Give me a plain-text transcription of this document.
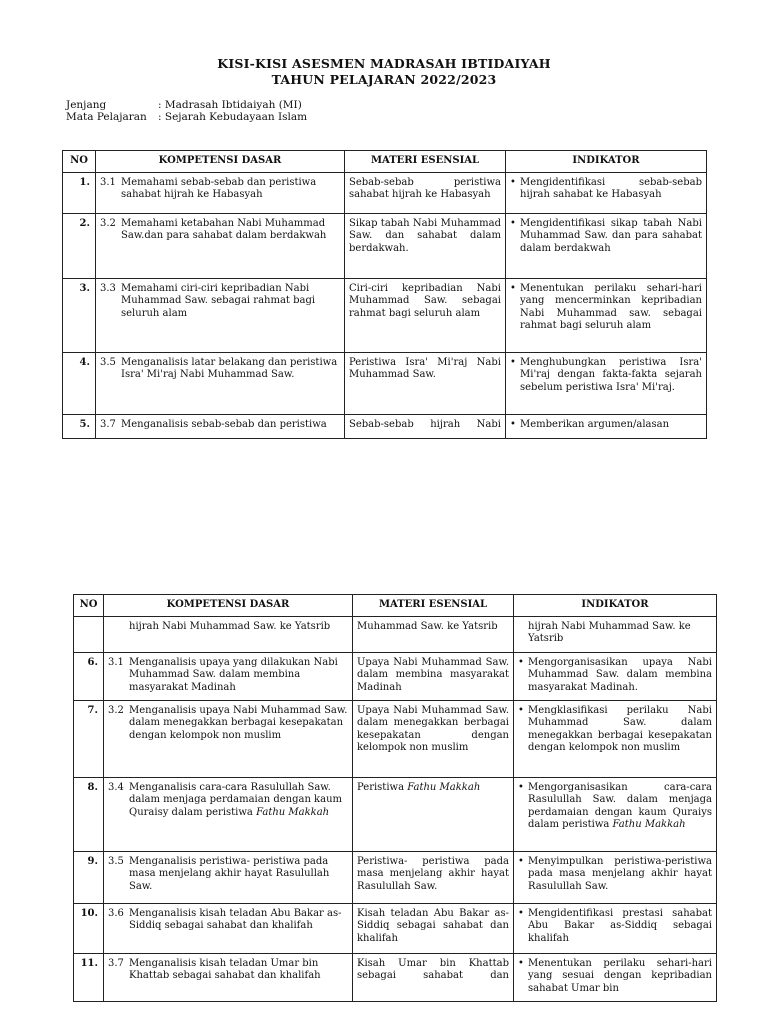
KISI-KISI ASESMEN MADRASAH IBTIDAIYAH
TAHUN PELAJARAN 2022/2023
Jenjang	: Madrasah Ibtidaiyah (MI)
Mata Pelajaran : Sejarah Kebudayaan Islam
NO	KOMPETENSI DASAR	MATERI ESENSIAL	INDIKATOR
1.	3.1 Memahami sebab-sebab dan peristiwa sahabat hijrah ke Habasyah	Sebab-sebab peristiwa sahabat hijrah ke Habasyah	• Mengidentifikasi sebab-sebab hijrah sahabat ke Habasyah

2.	3.2 Memahami ketabahan Nabi Muhammad Saw.dan para sahabat dalam berdakwah	Sikap tabah Nabi Muhammad Saw. dan sahabat dalam berdakwah.	• Mengidentifikasi sikap tabah Nabi Muhammad Saw. dan para sahabat dalam berdakwah

3.	3.3 Memahami ciri-ciri kepribadian Nabi Muhammad Saw. sebagai rahmat bagi seluruh alam	Ciri-ciri kepribadian Nabi Muhammad Saw. sebagai rahmat bagi seluruh alam	• Menentukan perilaku sehari-hari yang mencerminkan kepribadian Nabi Muhammad saw. sebagai rahmat bagi seluruh alam

4.	3.5 Menganalisis latar belakang dan peristiwa Isra' Mi'raj Nabi Muhammad Saw.	Peristiwa Isra' Mi'raj Nabi Muhammad Saw.	• Menghubungkan peristiwa Isra' Mi'raj dengan fakta-fakta sejarah sebelum peristiwa Isra' Mi'raj.

5.	3.7 Menganalisis sebab-sebab dan peristiwa	Sebab-sebab hijrah Nabi	• Memberikan argumen/alasan
NO	KOMPETENSI DASAR	MATERI ESENSIAL	INDIKATOR
	hijrah Nabi Muhammad Saw. ke Yatsrib	Muhammad Saw. ke Yatsrib	hijrah Nabi Muhammad Saw. ke Yatsrib
6.	3.1 Menganalisis upaya yang dilakukan Nabi Muhammad Saw. dalam membina masyarakat Madinah	Upaya Nabi Muhammad Saw. dalam membina masyarakat Madinah	• Mengorganisasikan upaya Nabi Muhammad Saw. dalam membina masyarakat Madinah.

7.	3.2 Menganalisis upaya Nabi Muhammad Saw. dalam menegakkan berbagai kesepakatan dengan kelompok non muslim	Upaya Nabi Muhammad Saw. dalam menegakkan berbagai kesepakatan dengan kelompok non muslim	• Mengklasifikasi perilaku Nabi Muhammad Saw. dalam menegakkan berbagai kesepakatan dengan kelompok non muslim

8.	3.4 Menganalisis cara-cara Rasulullah Saw. dalam menjaga perdamaian dengan kaum Quraisy dalam peristiwa Fathu Makkah	Peristiwa Fathu Makkah	• Mengorganisasikan cara-cara Rasulullah Saw. dalam menjaga perdamaian dengan kaum Quraiys dalam peristiwa Fathu Makkah

9.	3.5 Menganalisis peristiwa- peristiwa pada masa menjelang akhir hayat Rasulullah Saw.	Peristiwa- peristiwa pada masa menjelang akhir hayat Rasulullah Saw.	• Menyimpulkan peristiwa-peristiwa pada masa menjelang akhir hayat Rasulullah Saw.

10.	3.6 Menganalisis kisah teladan Abu Bakar as-Siddiq sebagai sahabat dan khalifah	Kisah teladan Abu Bakar as-Siddiq sebagai sahabat dan khalifah	• Mengidentifikasi prestasi sahabat Abu Bakar as-Siddiq sebagai khalifah

11.	3.7 Menganalisis kisah teladan Umar bin Khattab sebagai sahabat dan khalifah	Kisah Umar bin Khattab sebagai sahabat dan	• Menentukan perilaku sehari-hari yang sesuai dengan kepribadian sahabat Umar bin
